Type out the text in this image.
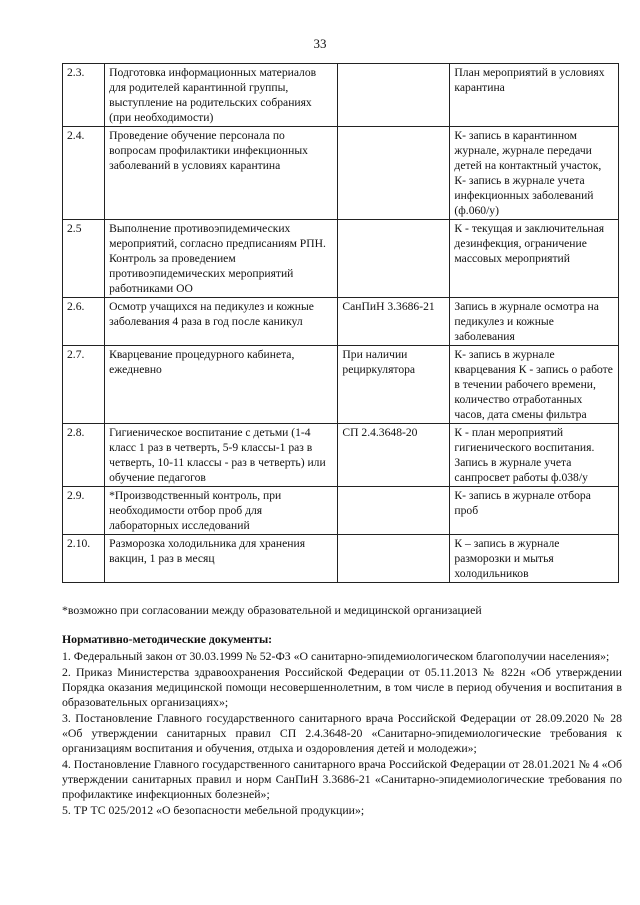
33
2.3.	Подготовка информационных материалов для родителей карантинной группы, выступление на родительских собраниях (при необходимости)		План мероприятий в условиях карантина
2.4.	Проведение обучение персонала по вопросам профилактики инфекционных заболеваний в условиях карантина		К- запись в карантинном журнале, журнале передачи детей на контактный участок, К- запись в журнале учета инфекционных заболеваний (ф.060/у)
2.5	Выполнение противоэпидемических мероприятий, согласно предписаниям РПН. Контроль за проведением противоэпидемических мероприятий работниками ОО		К - текущая и заключительная дезинфекция, ограничение массовых мероприятий
2.6.	Осмотр учащихся на педикулез и кожные заболевания 4 раза в год после каникул	СанПиН 3.3686-21	Запись в журнале осмотра на педикулез и кожные заболевания
2.7.	Кварцевание процедурного кабинета, ежедневно	При наличии рециркулятора	К- запись в журнале кварцевания К - запись о работе в течении рабочего времени, количество отработанных часов, дата смены фильтра
2.8.	Гигиеническое воспитание с детьми (1-4 класс 1 раз в четверть, 5-9 классы-1 раз в четверть, 10-11 классы - раз в четверть) или обучение педагогов	СП 2.4.3648-20	К - план мероприятий гигиенического воспитания. Запись в журнале учета санпросвет работы ф.038/у
2.9.	*Производственный контроль, при необходимости отбор проб для лабораторных исследований		К- запись в журнале отбора проб
2.10.	Разморозка холодильника для хранения вакцин, 1 раз в месяц		К – запись в журнале разморозки и мытья холодильников
*возможно при согласовании между образовательной и медицинской организацией
Нормативно-методические документы:

1. Федеральный закон от 30.03.1999 № 52-ФЗ «О санитарно-эпидемиологическом благополучии населения»;

2. Приказ Министерства здравоохранения Российской Федерации от 05.11.2013 № 822н «Об утверждении Порядка оказания медицинской помощи несовершеннолетним, в том числе в период обучения и воспитания в образовательных организациях»;

3. Постановление Главного государственного санитарного врача Российской Федерации от 28.09.2020 № 28 «Об утверждении санитарных правил СП 2.4.3648-20 «Санитарно-эпидемиологические требования к организациям воспитания и обучения, отдыха и оздоровления детей и молодежи»;

4. Постановление Главного государственного санитарного врача Российской Федерации от 28.01.2021 № 4 «Об утверждении санитарных правил и норм СанПиН 3.3686-21 «Санитарно-эпидемиологические требования по профилактике инфекционных болезней»;

5. ТР ТС 025/2012 «О безопасности мебельной продукции»;
